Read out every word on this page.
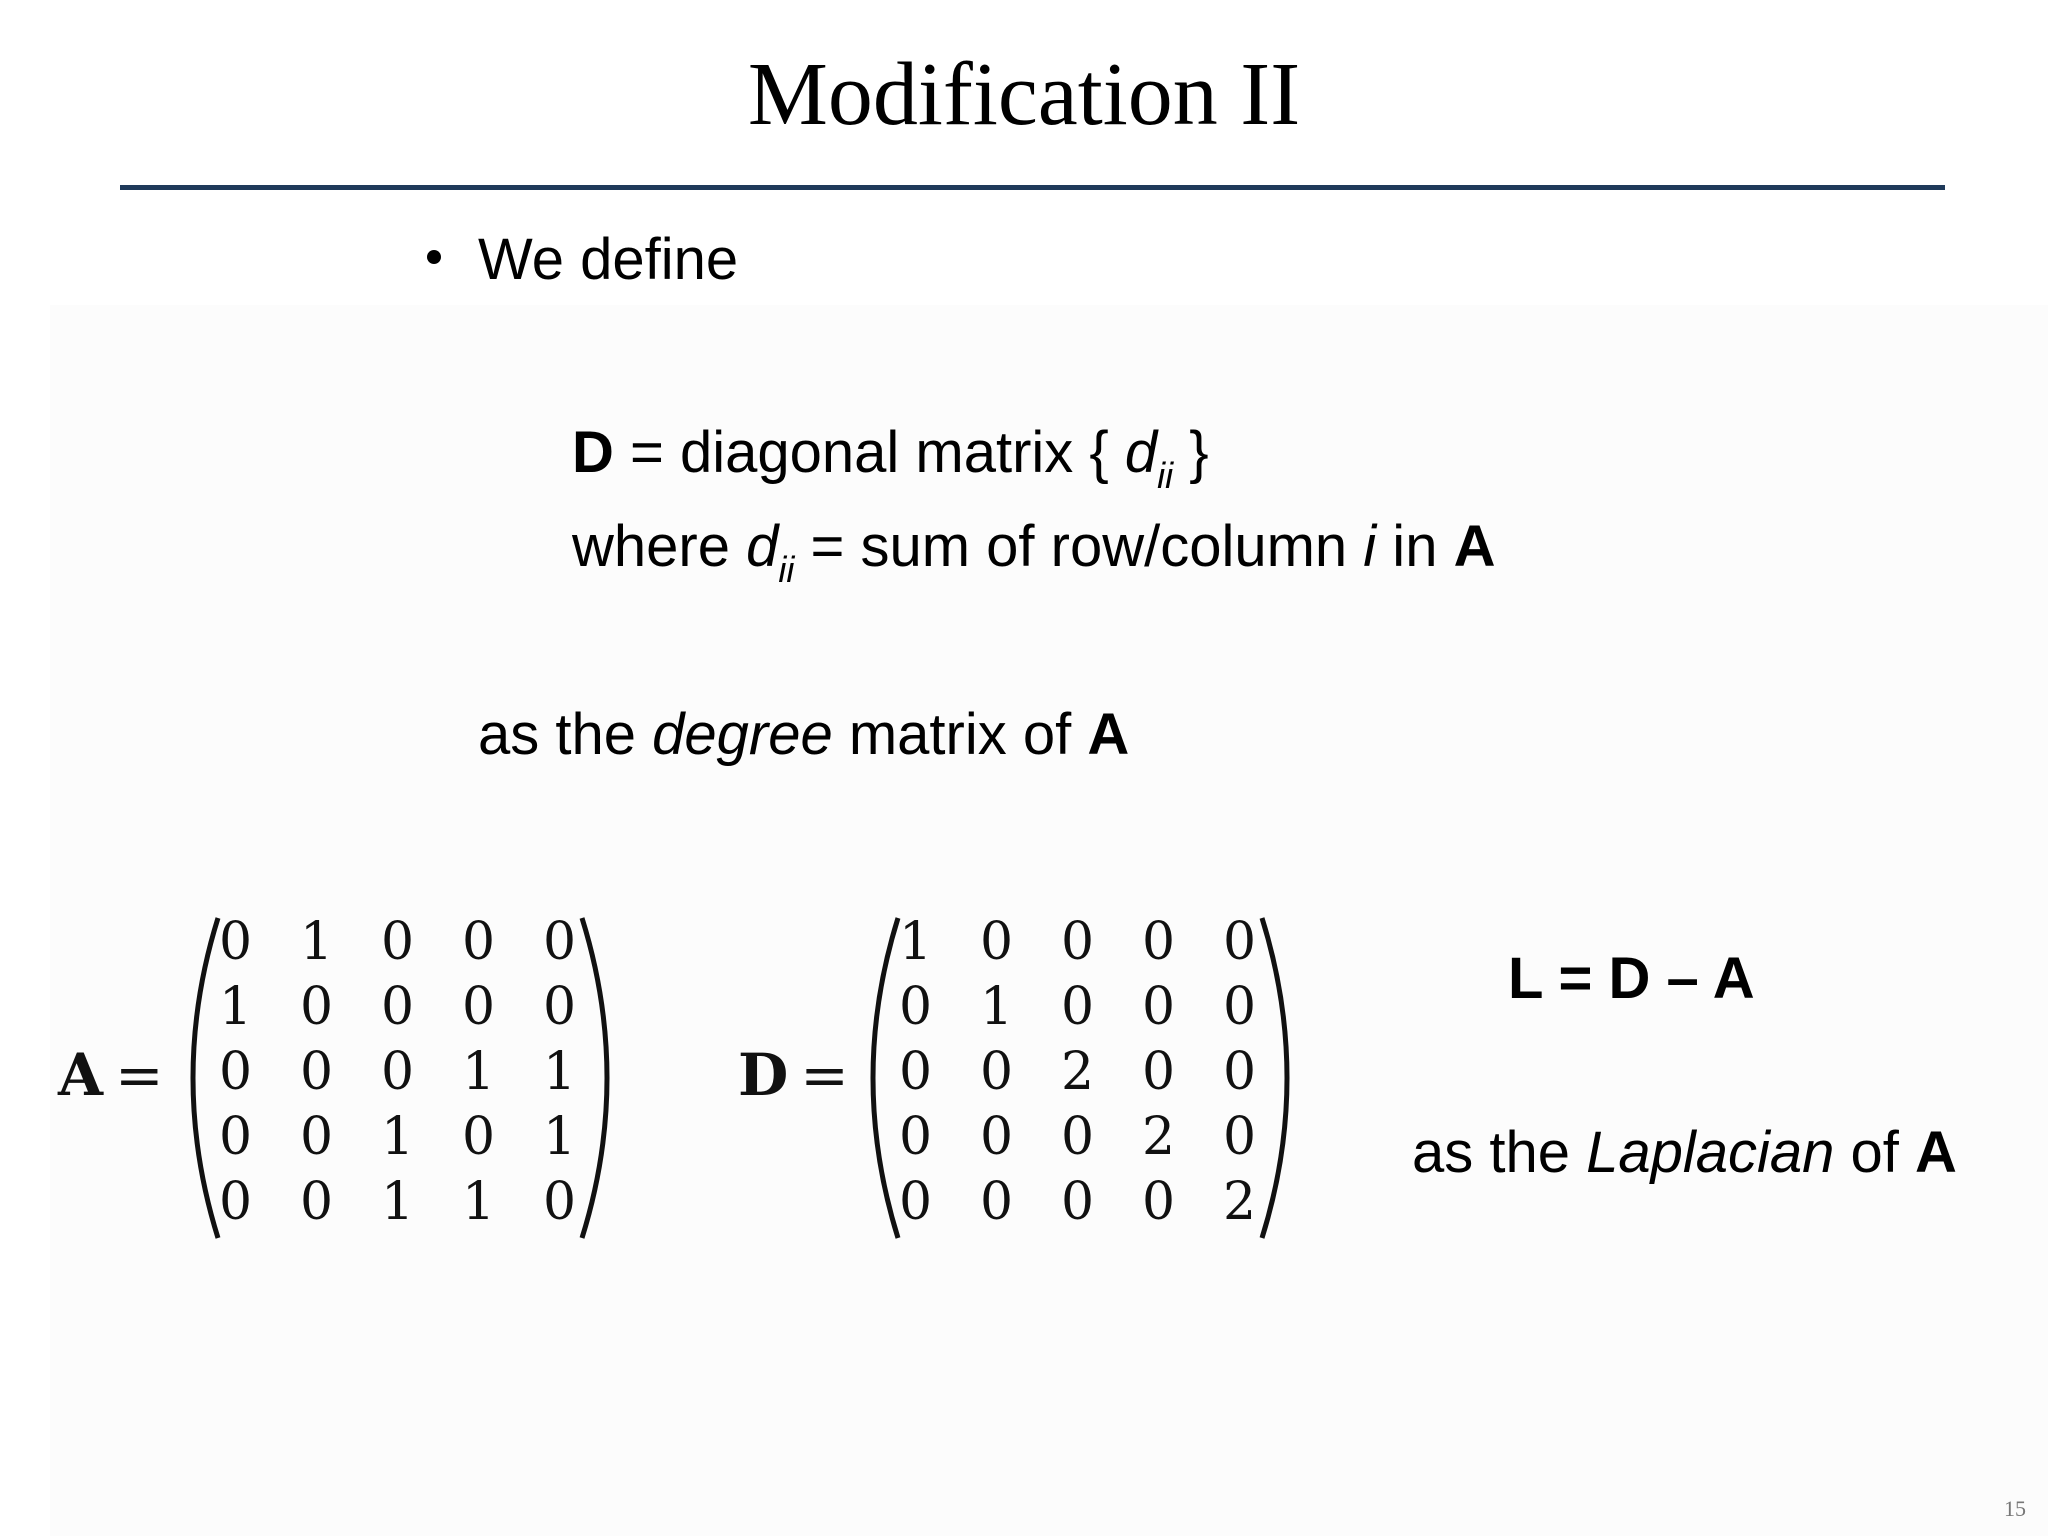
Modification II
We define
D = diagonal matrix { $d_{ii}$ }
where $d_{ii}$ = sum of row/column i in A
as the degree matrix of A
A =
0 1 0 0 0
1 0 0 0 0
0 0 0 1 1
0 0 1 0 1
0 0 1 1 0
D =
1 0 0 0 0
0 1 0 0 0
0 0 2 0 0
0 0 0 2 0
0 0 0 0 2
L = D – A
as the Laplacian of A
15
